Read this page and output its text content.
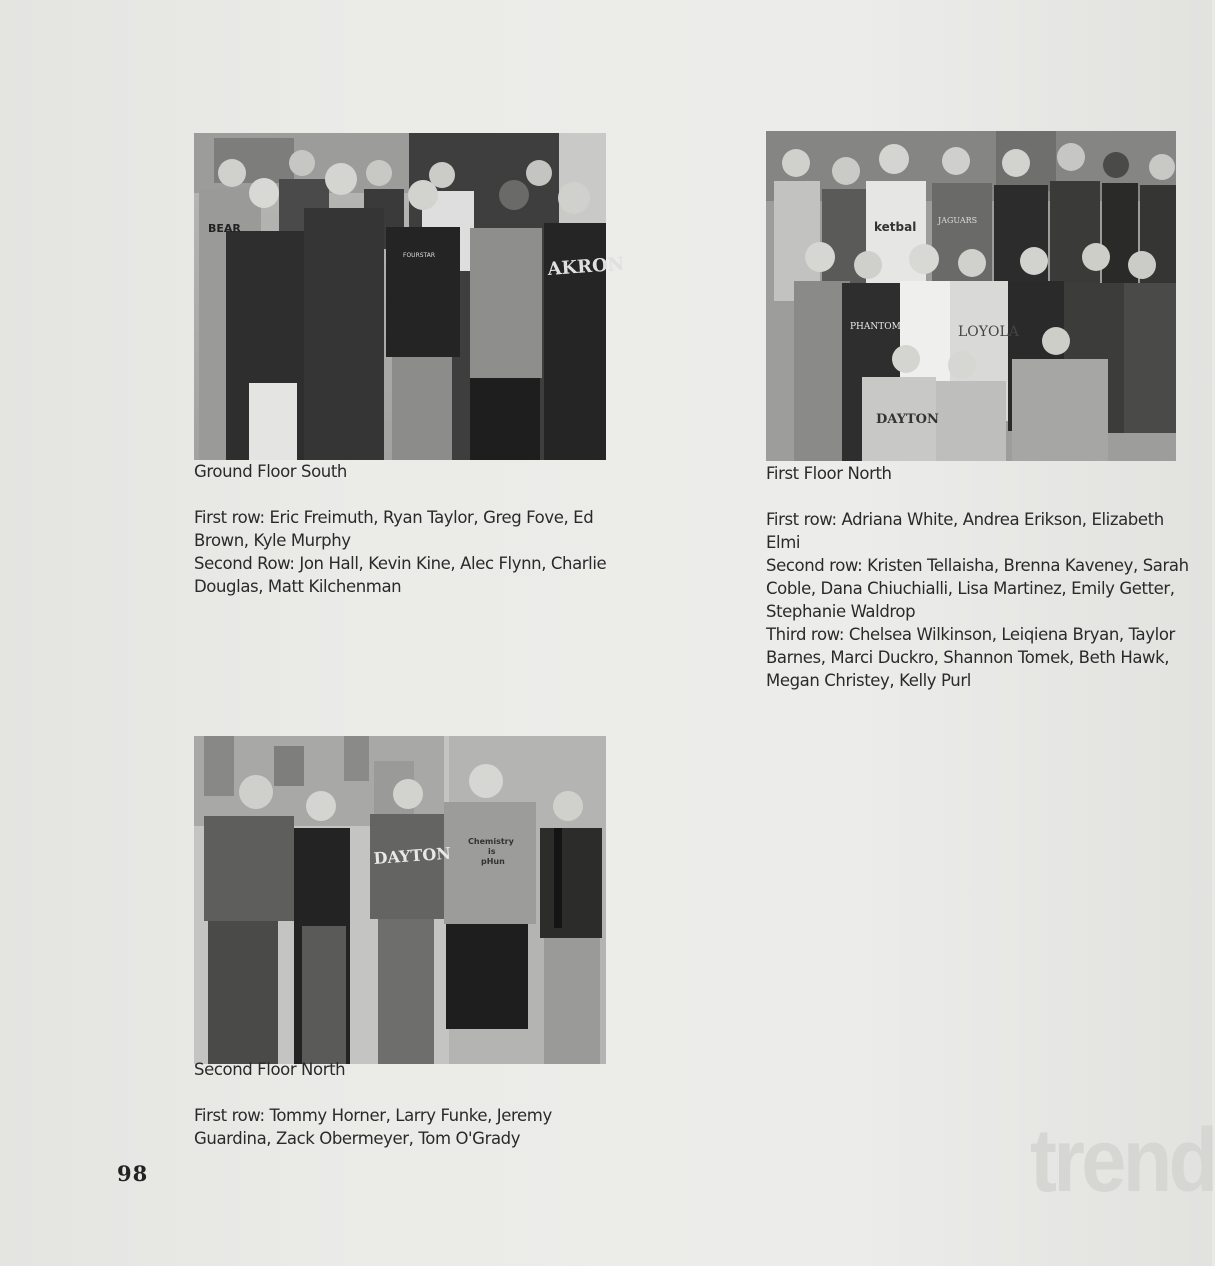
BEAR
FOURSTAR	AKRON
Ground Floor South
First row: Eric Freimuth, Ryan Taylor, Greg Fove, Ed
Brown, Kyle Murphy
Second Row: Jon Hall, Kevin Kine, Alec Flynn, Charlie
Douglas, Matt Kilchenman
ketbal	JAGUARS
PHANTOM	LOYOLA
DAYTON
First Floor North
First row: Adriana White, Andrea Erikson, Elizabeth
Elmi
Second row: Kristen Tellaisha, Brenna Kaveney, Sarah
Coble, Dana Chiuchialli, Lisa Martinez, Emily Getter,
Stephanie Waldrop
Third row: Chelsea Wilkinson, Leiqiena Bryan, Taylor
Barnes, Marci Duckro, Shannon Tomek, Beth Hawk,
Megan Christey, Kelly Purl
DAYTON
Chemistry
is
pHun
Second Floor North
First row: Tommy Horner, Larry Funke, Jeremy
Guardina, Zack Obermeyer, Tom O'Grady
98	trend
